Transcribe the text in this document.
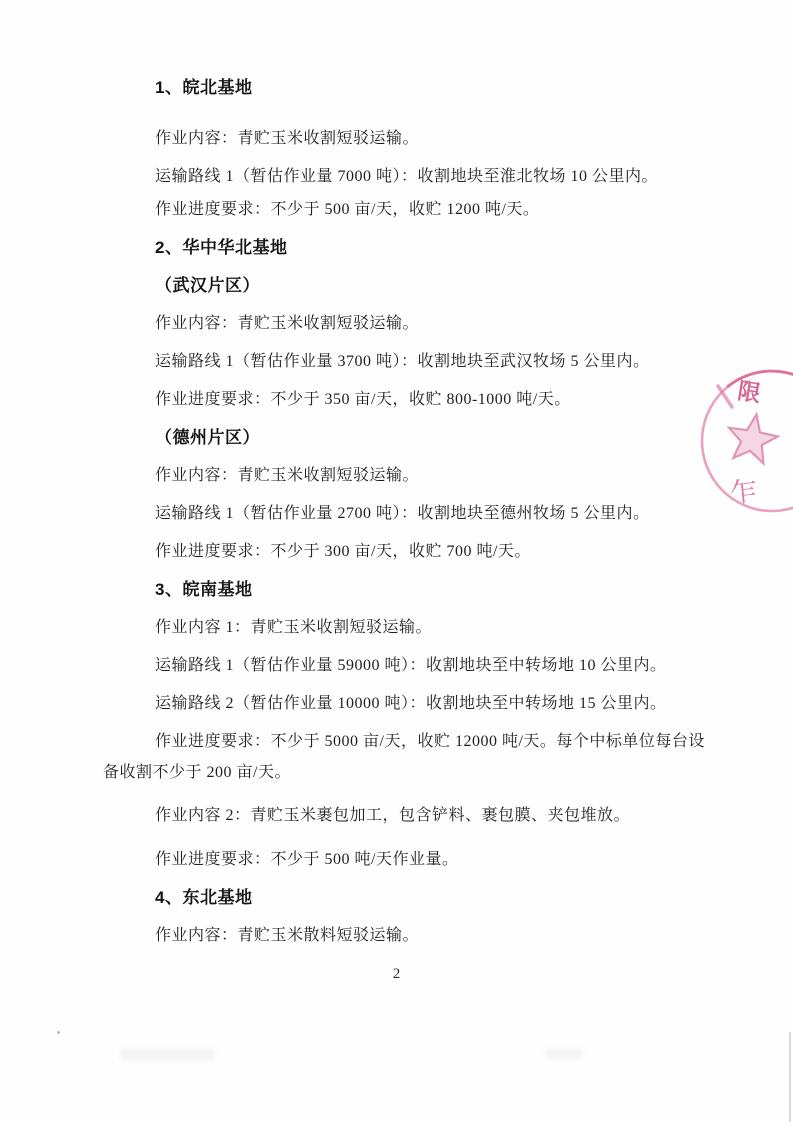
1、皖北基地

作业内容：青贮玉米收割短驳运输。

运输路线 1（暂估作业量 7000 吨）：收割地块至淮北牧场 10 公里内。

作业进度要求：不少于 500 亩/天，收贮 1200 吨/天。

2、华中华北基地

（武汉片区）

作业内容：青贮玉米收割短驳运输。

运输路线 1（暂估作业量 3700 吨）：收割地块至武汉牧场 5 公里内。

作业进度要求：不少于 350 亩/天，收贮 800-1000 吨/天。

（德州片区）

作业内容：青贮玉米收割短驳运输。

运输路线 1（暂估作业量 2700 吨）：收割地块至德州牧场 5 公里内。

作业进度要求：不少于 300 亩/天，收贮 700 吨/天。

3、皖南基地

作业内容 1：青贮玉米收割短驳运输。

运输路线 1（暂估作业量 59000 吨）：收割地块至中转场地 10 公里内。

运输路线 2（暂估作业量 10000 吨）：收割地块至中转场地 15 公里内。

作业进度要求：不少于 5000 亩/天，收贮 12000 吨/天。每个中标单位每台设备收割不少于 200 亩/天。

作业内容 2：青贮玉米裹包加工，包含铲料、裹包膜、夹包堆放。

作业进度要求：不少于 500 吨/天作业量。

4、东北基地

作业内容：青贮玉米散料短驳运输。

限
乍
2
